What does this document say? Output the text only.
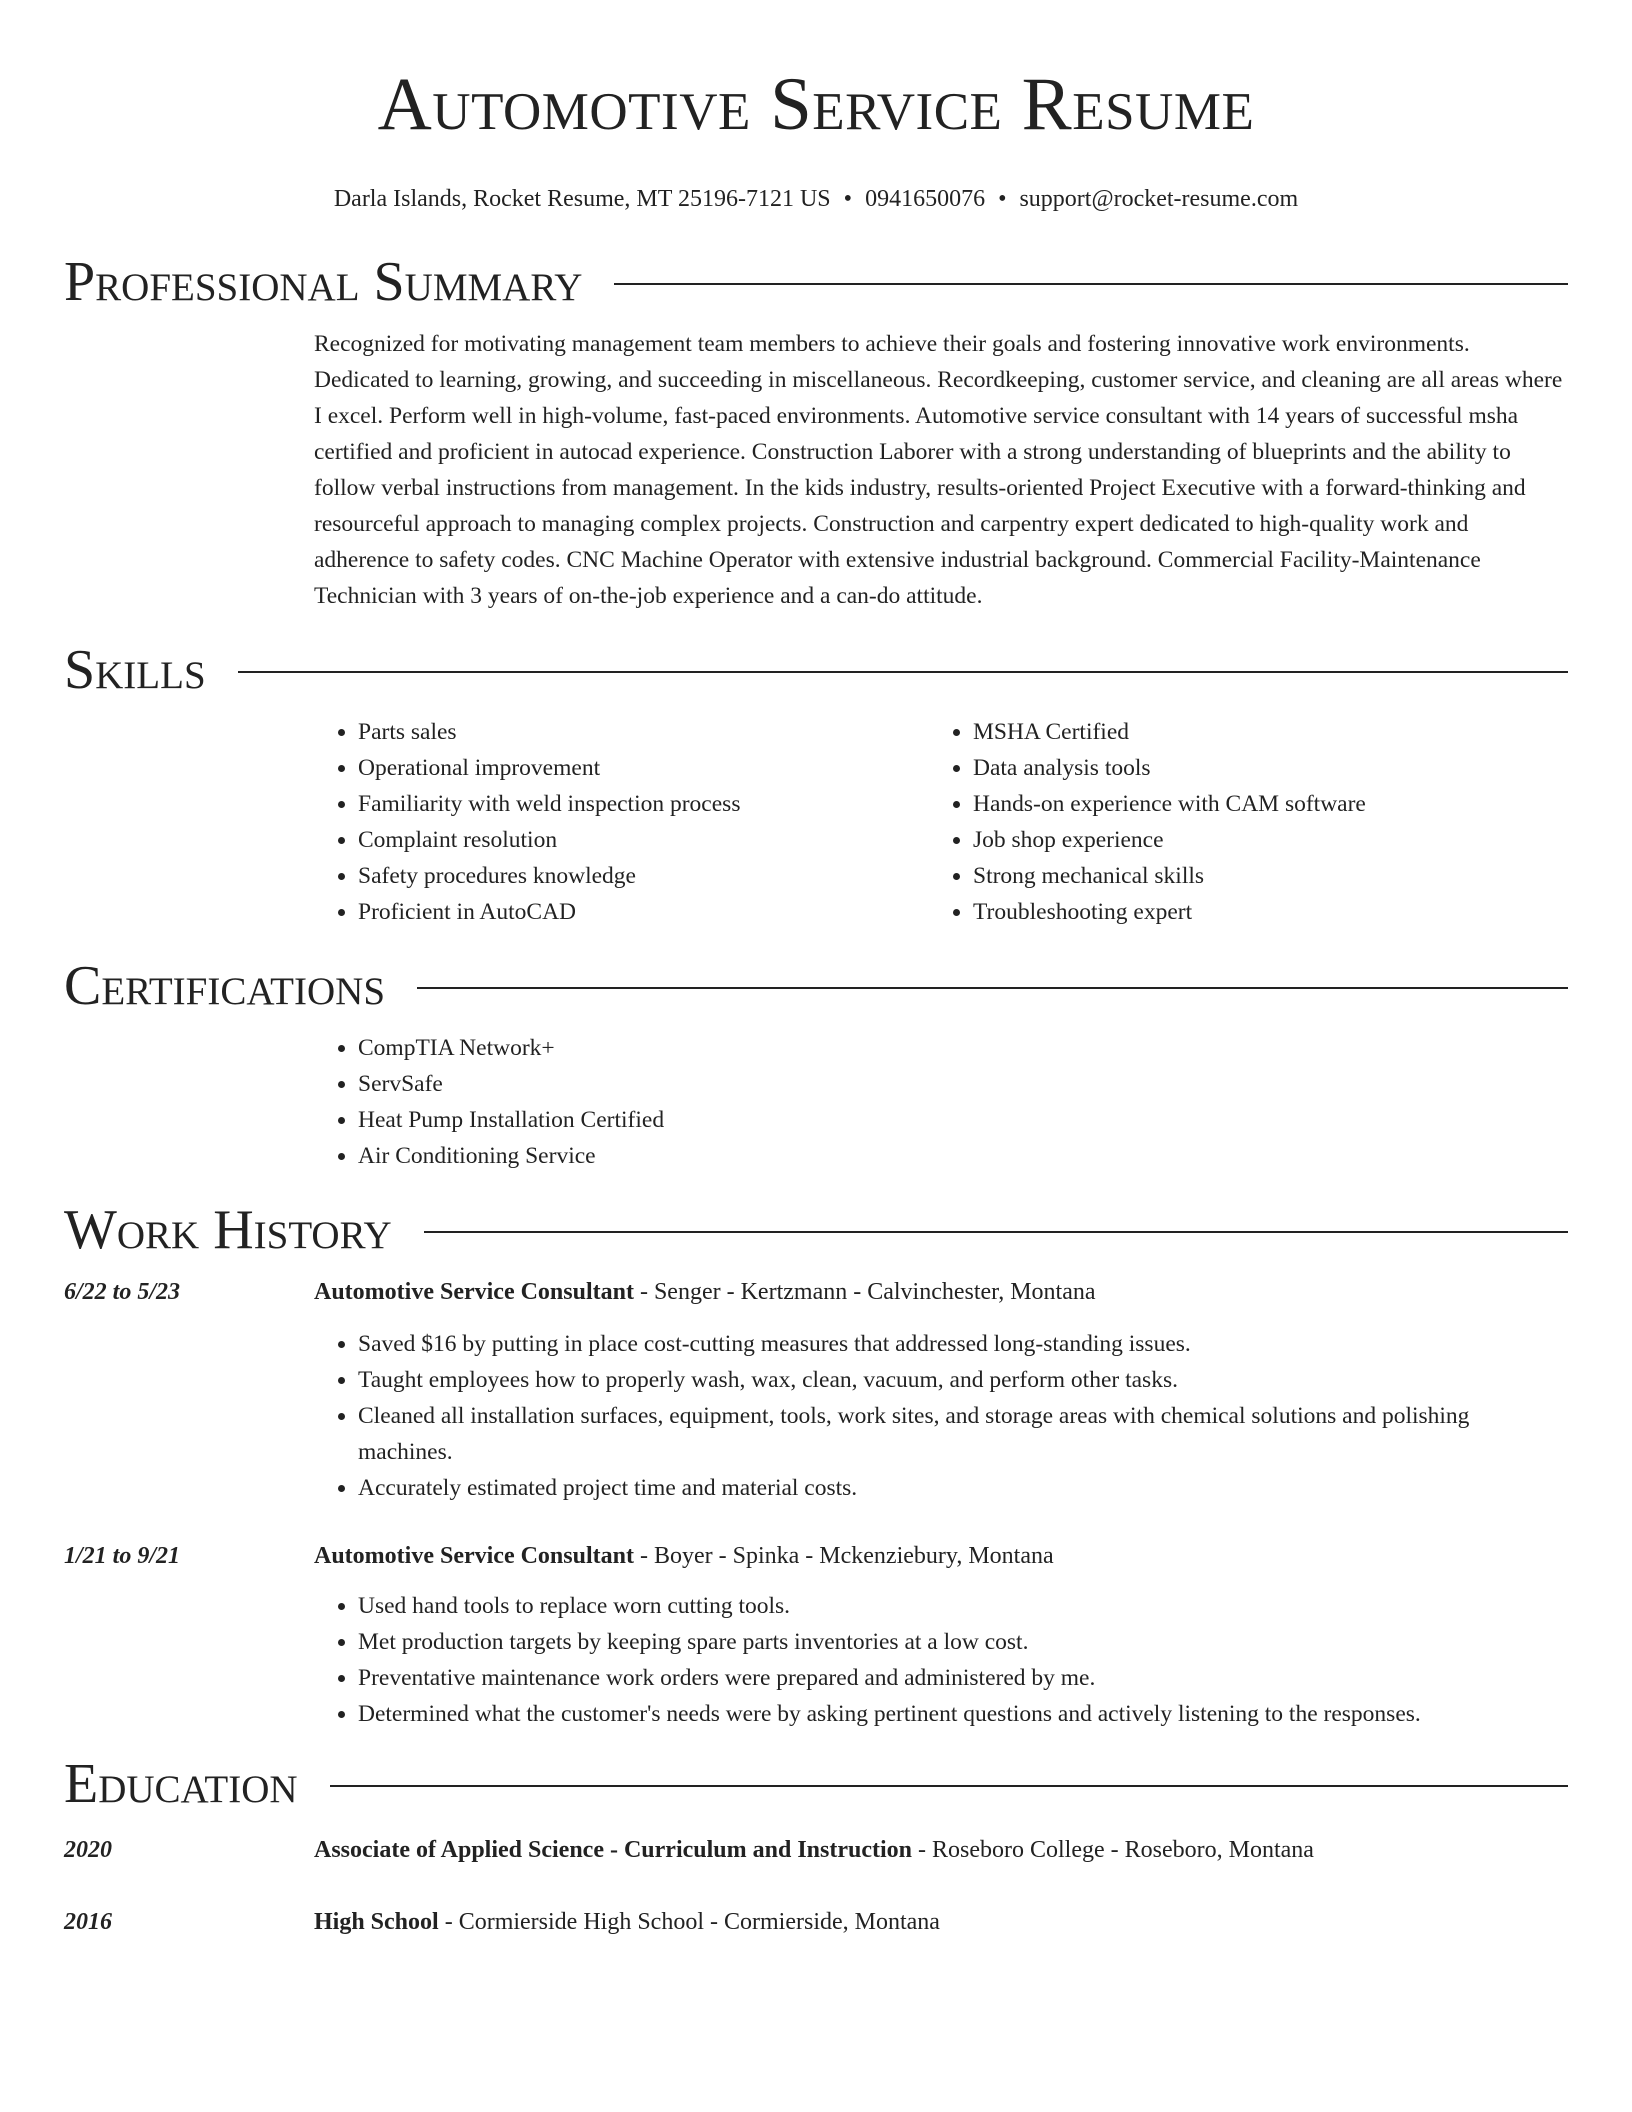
Automotive Service Resume
Darla Islands, Rocket Resume, MT 25196-7121 US • 0941650076 • support@rocket-resume.com
Professional Summary

Recognized for motivating management team members to achieve their goals and fostering innovative work environments. Dedicated to learning, growing, and succeeding in miscellaneous. Recordkeeping, customer service, and cleaning are all areas where I excel. Perform well in high-volume, fast-paced environments. Automotive service consultant with 14 years of successful msha certified and proficient in autocad experience. Construction Laborer with a strong understanding of blueprints and the ability to follow verbal instructions from management. In the kids industry, results-oriented Project Executive with a forward-thinking and resourceful approach to managing complex projects. Construction and carpentry expert dedicated to high-quality work and adherence to safety codes. CNC Machine Operator with extensive industrial background. Commercial Facility-Maintenance Technician with 3 years of on-the-job experience and a can-do attitude.

Skills
• Parts sales
• Operational improvement
• Familiarity with weld inspection process
• Complaint resolution
• Safety procedures knowledge
• Proficient in AutoCAD
• MSHA Certified
• Data analysis tools
• Hands-on experience with CAM software
• Job shop experience
• Strong mechanical skills
• Troubleshooting expert
Certifications
• CompTIA Network+
• ServSafe
• Heat Pump Installation Certified
• Air Conditioning Service
Work History
6/22 to 5/23	Automotive Service Consultant - Senger - Kertzmann - Calvinchester, Montana
• Saved $16 by putting in place cost-cutting measures that addressed long-standing issues.
• Taught employees how to properly wash, wax, clean, vacuum, and perform other tasks.
• Cleaned all installation surfaces, equipment, tools, work sites, and storage areas with chemical solutions and polishing machines.
• Accurately estimated project time and material costs.
1/21 to 9/21	Automotive Service Consultant - Boyer - Spinka - Mckenziebury, Montana
• Used hand tools to replace worn cutting tools.
• Met production targets by keeping spare parts inventories at a low cost.
• Preventative maintenance work orders were prepared and administered by me.
• Determined what the customer's needs were by asking pertinent questions and actively listening to the responses.
Education
2020	Associate of Applied Science - Curriculum and Instruction - Roseboro College - Roseboro, Montana
2016	High School - Cormierside High School - Cormierside, Montana
